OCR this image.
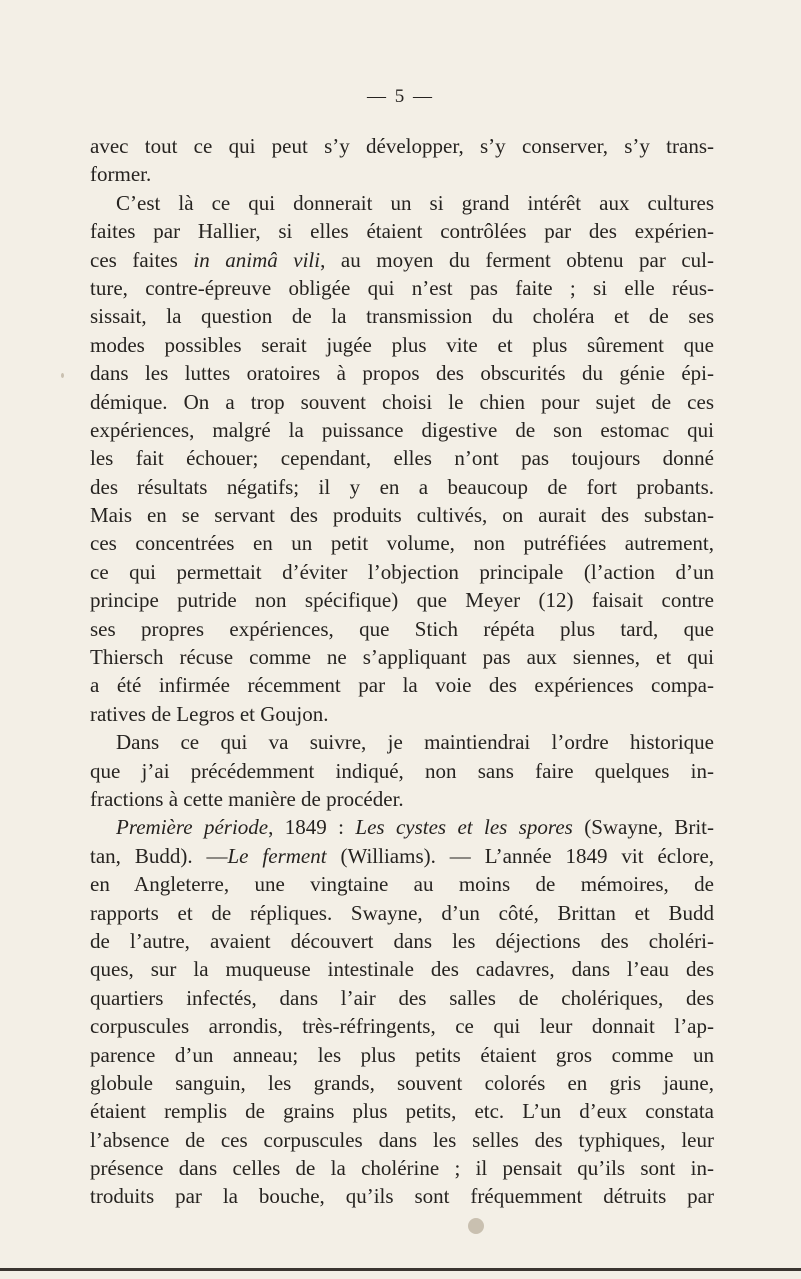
— 5 —
avec tout ce qui peut s’y développer, s’y conserver, s’y trans-
former.
C’est là ce qui donnerait un si grand intérêt aux cultures
faites par Hallier, si elles étaient contrôlées par des expérien-
ces faites in animâ vili, au moyen du ferment obtenu par cul-
ture, contre-épreuve obligée qui n’est pas faite ; si elle réus-
sissait, la question de la transmission du choléra et de ses
modes possibles serait jugée plus vite et plus sûrement que
dans les luttes oratoires à propos des obscurités du génie épi-
démique. On a trop souvent choisi le chien pour sujet de ces
expériences, malgré la puissance digestive de son estomac qui
les fait échouer; cependant, elles n’ont pas toujours donné
des résultats négatifs; il y en a beaucoup de fort probants.
Mais en se servant des produits cultivés, on aurait des substan-
ces concentrées en un petit volume, non putréfiées autrement,
ce qui permettait d’éviter l’objection principale (l’action d’un
principe putride non spécifique) que Meyer (12) faisait contre
ses propres expériences, que Stich répéta plus tard, que
Thiersch récuse comme ne s’appliquant pas aux siennes, et qui
a été infirmée récemment par la voie des expériences compa-
ratives de Legros et Goujon.
Dans ce qui va suivre, je maintiendrai l’ordre historique
que j’ai précédemment indiqué, non sans faire quelques in-
fractions à cette manière de procéder.
Première période, 1849 : Les cystes et les spores (Swayne, Brit-
tan, Budd). —Le ferment (Williams). — L’année 1849 vit éclore,
en Angleterre, une vingtaine au moins de mémoires, de
rapports et de répliques. Swayne, d’un côté, Brittan et Budd
de l’autre, avaient découvert dans les déjections des choléri-
ques, sur la muqueuse intestinale des cadavres, dans l’eau des
quartiers infectés, dans l’air des salles de cholériques, des
corpuscules arrondis, très-réfringents, ce qui leur donnait l’ap-
parence d’un anneau; les plus petits étaient gros comme un
globule sanguin, les grands, souvent colorés en gris jaune,
étaient remplis de grains plus petits, etc. L’un d’eux constata
l’absence de ces corpuscules dans les selles des typhiques, leur
présence dans celles de la cholérine ; il pensait qu’ils sont in-
troduits par la bouche, qu’ils sont fréquemment détruits par
